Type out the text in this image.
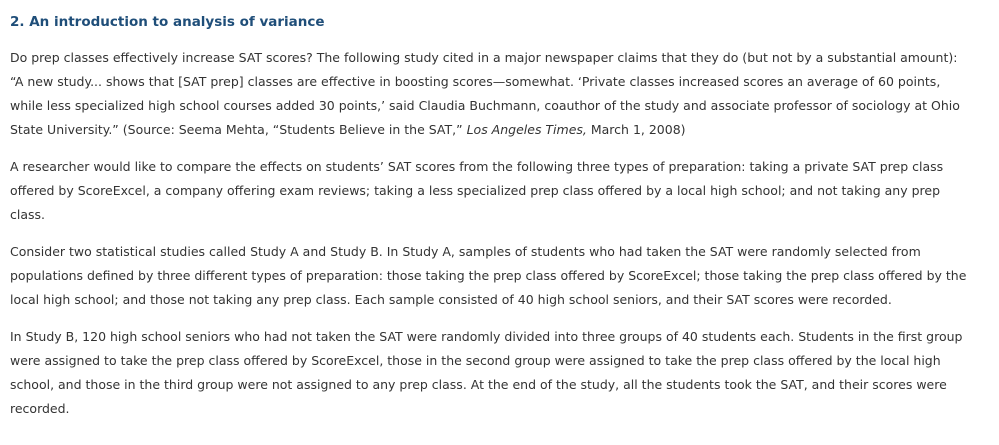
2. An introduction to analysis of variance

Do prep classes effectively increase SAT scores? The following study cited in a major newspaper claims that they do (but not by a substantial amount): “A new study... shows that [SAT prep] classes are effective in boosting scores—somewhat. ‘Private classes increased scores an average of 60 points, while less specialized high school courses added 30 points,’ said Claudia Buchmann, coauthor of the study and associate professor of sociology at Ohio State University.” (Source: Seema Mehta, “Students Believe in the SAT,” Los Angeles Times, March 1, 2008)

A researcher would like to compare the effects on students’ SAT scores from the following three types of preparation: taking a private SAT prep class offered by ScoreExcel, a company offering exam reviews; taking a less specialized prep class offered by a local high school; and not taking any prep class.

Consider two statistical studies called Study A and Study B. In Study A, samples of students who had taken the SAT were randomly selected from populations defined by three different types of preparation: those taking the prep class offered by ScoreExcel; those taking the prep class offered by the local high school; and those not taking any prep class. Each sample consisted of 40 high school seniors, and their SAT scores were recorded.

In Study B, 120 high school seniors who had not taken the SAT were randomly divided into three groups of 40 students each. Students in the first group were assigned to take the prep class offered by ScoreExcel, those in the second group were assigned to take the prep class offered by the local high school, and those in the third group were not assigned to any prep class. At the end of the study, all the students took the SAT, and their scores were recorded.
